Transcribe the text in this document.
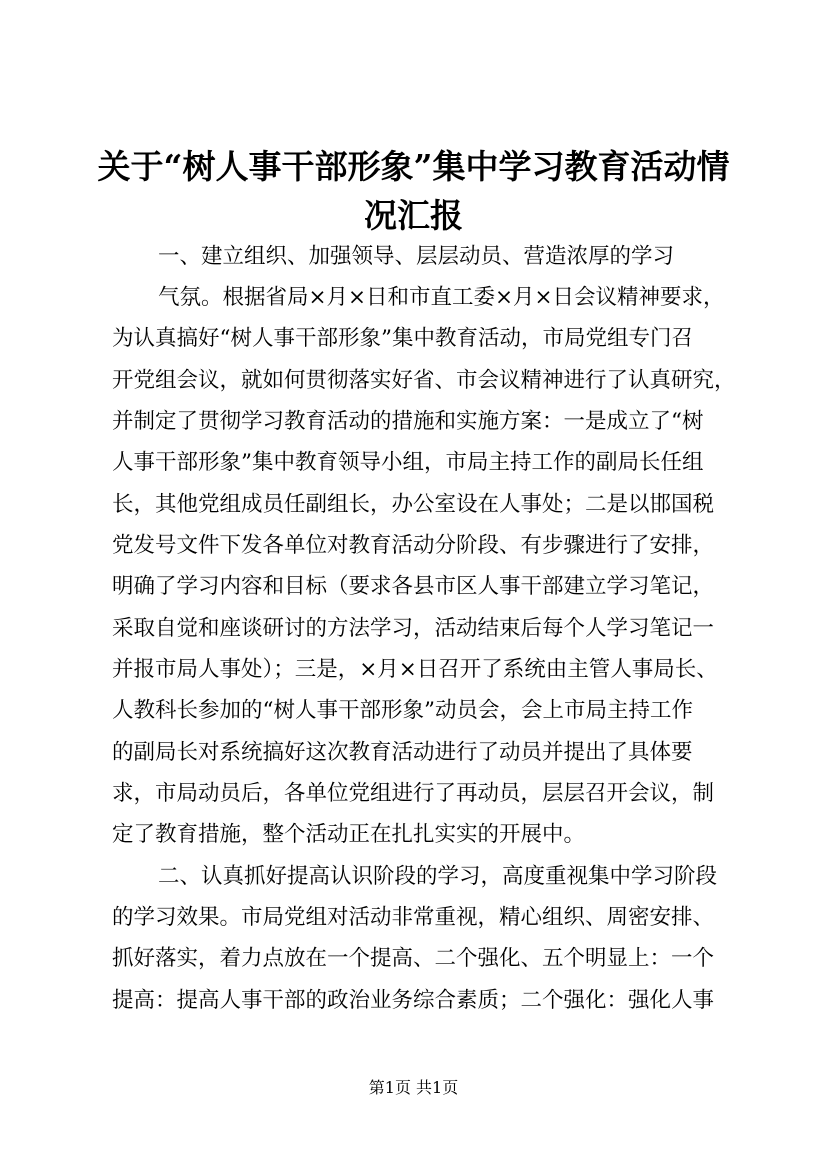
关于“树人事干部形象”集中学习教育活动情
况汇报

一、建立组织、加强领导、层层动员、营造浓厚的学习

气氛。根据省局×月×日和市直工委×月×日会议精神要求，

为认真搞好“树人事干部形象”集中教育活动，市局党组专门召

开党组会议，就如何贯彻落实好省、市会议精神进行了认真研究，

并制定了贯彻学习教育活动的措施和实施方案：一是成立了“树

人事干部形象”集中教育领导小组，市局主持工作的副局长任组

长，其他党组成员任副组长，办公室设在人事处；二是以邯国税

党发号文件下发各单位对教育活动分阶段、有步骤进行了安排，

明确了学习内容和目标（要求各县市区人事干部建立学习笔记，

采取自觉和座谈研讨的方法学习，活动结束后每个人学习笔记一

并报市局人事处）；三是，×月×日召开了系统由主管人事局长、

人教科长参加的“树人事干部形象”动员会，会上市局主持工作

的副局长对系统搞好这次教育活动进行了动员并提出了具体要

求，市局动员后，各单位党组进行了再动员，层层召开会议，制

定了教育措施，整个活动正在扎扎实实的开展中。

二、认真抓好提高认识阶段的学习，高度重视集中学习阶段

的学习效果。市局党组对活动非常重视，精心组织、周密安排、

抓好落实，着力点放在一个提高、二个强化、五个明显上：一个

提高：提高人事干部的政治业务综合素质；二个强化：强化人事

第1页 共1页
